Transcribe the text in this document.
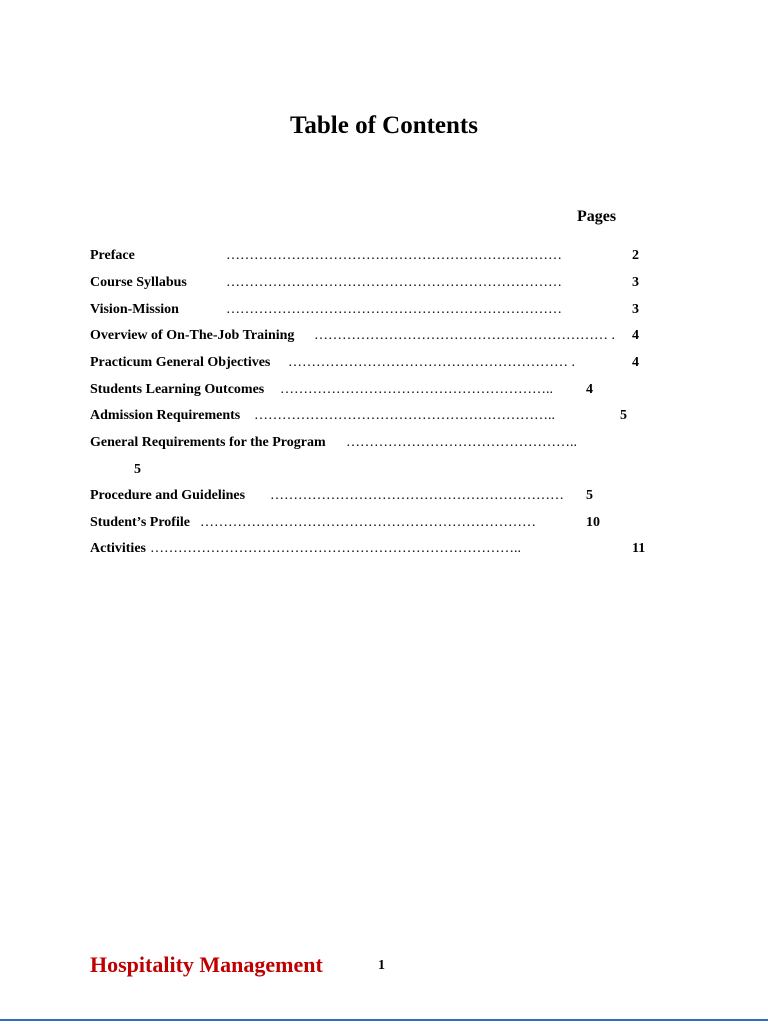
Table of Contents
Pages
Preface	………………………………………………………………	2
Course Syllabus	………………………………………………………………	3
Vision-Mission	………………………………………………………………	3
Overview of On-The-Job Training ……………………………………………………… . 4
Practicum General Objectives …………………………………………………… .	4
Students Learning Outcomes ………………………………………………….. 4
Admission Requirements ………………………………………………………..	5
General Requirements for the Program …………………………………………..
5
Procedure and Guidelines ……………………………………………………… 5
Student’s Profile ………………………………………………………………	10
Activities ……………………………………………………………………..	11
Hospitality Management	1
